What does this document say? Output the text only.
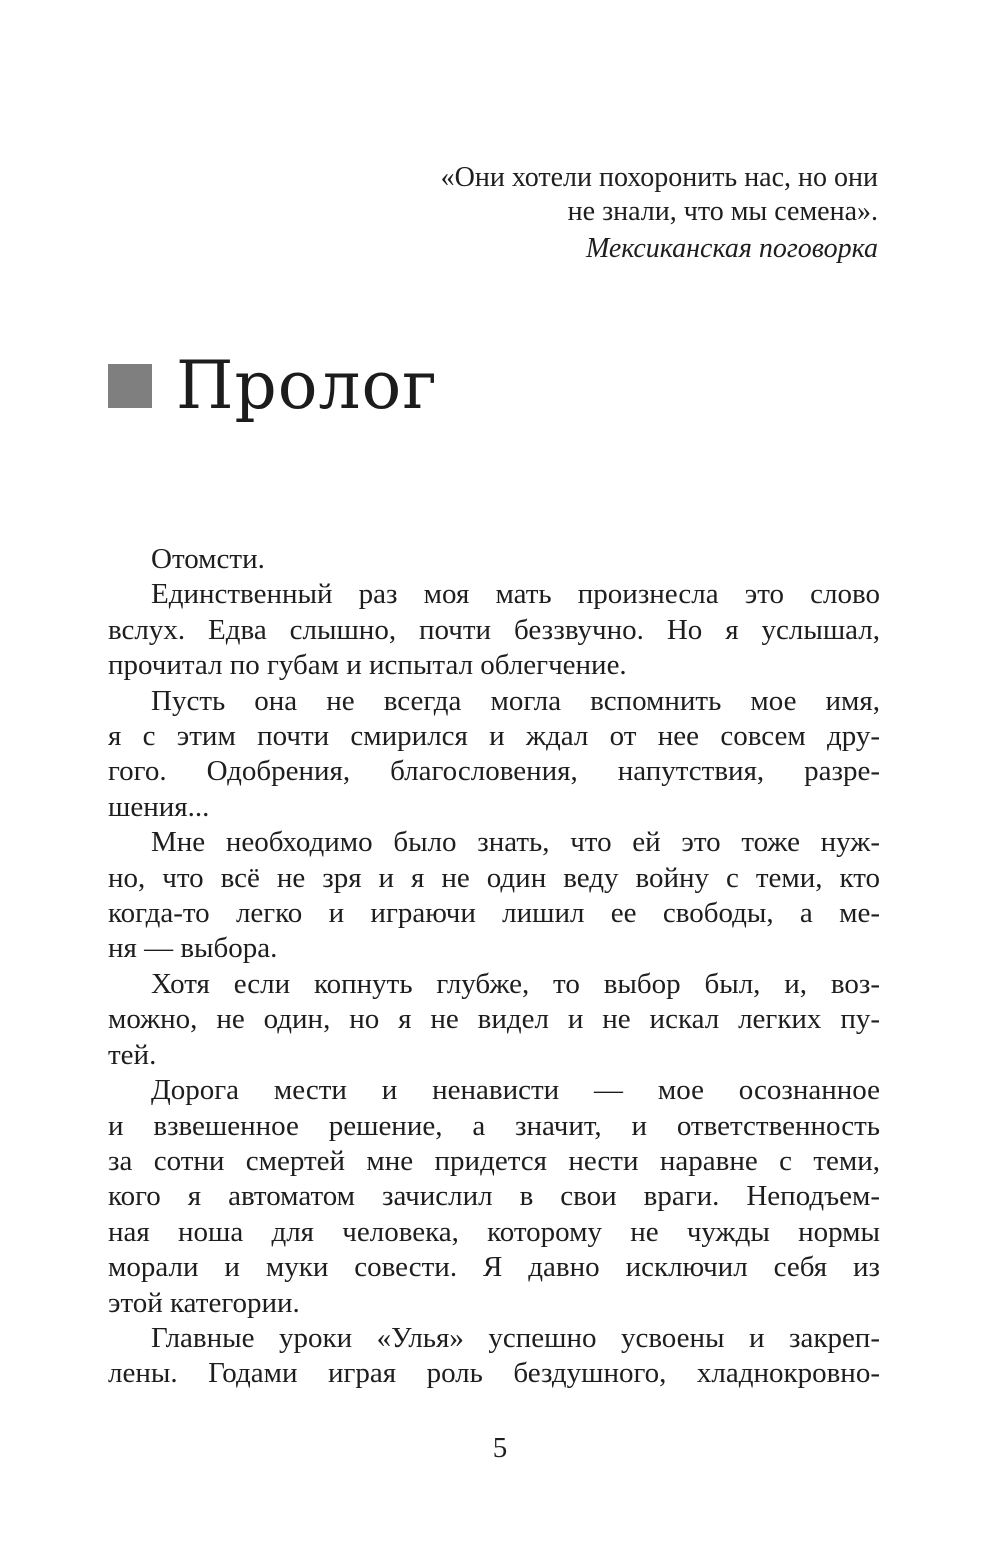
«Они хотели похоронить нас, но они
не знали, что мы семена».
Мексиканская поговорка
Пролог
Отомсти.
Единственный раз моя мать произнесла это слово
вслух. Едва слышно, почти беззвучно. Но я услышал,
прочитал по губам и испытал облегчение.
Пусть она не всегда могла вспомнить мое имя,
я с этим почти смирился и ждал от нее совсем дру-
гого. Одобрения, благословения, напутствия, разре-
шения...
Мне необходимо было знать, что ей это тоже нуж-
но, что всё не зря и я не один веду войну с теми, кто
когда-то легко и играючи лишил ее свободы, а ме-
ня — выбора.
Хотя если копнуть глубже, то выбор был, и, воз-
можно, не один, но я не видел и не искал легких пу-
тей.
Дорога мести и ненависти — мое осознанное
и взвешенное решение, а значит, и ответственность
за сотни смертей мне придется нести наравне с теми,
кого я автоматом зачислил в свои враги. Неподъем-
ная ноша для человека, которому не чужды нормы
морали и муки совести. Я давно исключил себя из
этой категории.
Главные уроки «Улья» успешно усвоены и закреп-
лены. Годами играя роль бездушного, хладнокровно-
5
